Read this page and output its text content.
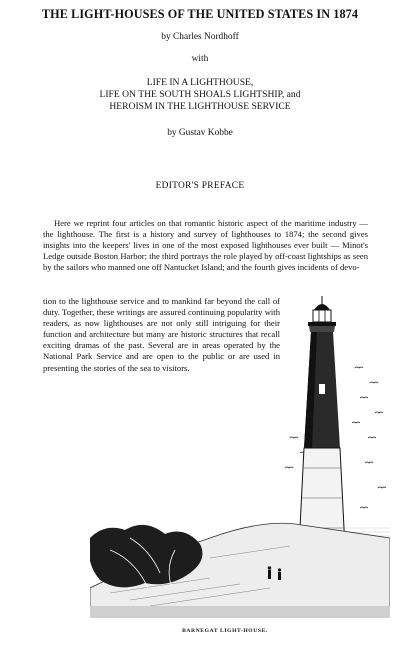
THE LIGHT-HOUSES OF THE UNITED STATES IN 1874
by Charles Nordhoff
with
LIFE IN A LIGHTHOUSE,
LIFE ON THE SOUTH SHOALS LIGHTSHIP, and
HEROISM IN THE LIGHTHOUSE SERVICE
by Gustav Kobbe
EDITOR'S PREFACE

Here we reprint four articles on that romantic historic aspect of the maritime industry — the lighthouse. The first is a history and survey of lighthouses to 1874; the second gives insights into the keepers' lives in one of the most exposed lighthouses ever built — Minot's Ledge outside Boston Harbor; the third portrays the role played by off-coast lightships as seen by the sailors who manned one off Nantucket Island; and the fourth gives incidents of devo-

tion to the lighthouse service and to mankind far beyond the call of duty. Together, these writings are assured continuing popularity with readers, as now lighthouses are not only still intriguing for their function and architecture but many are historic structures that recall exciting dramas of the past. Several are in areas operated by the National Park Service and are open to the public or are used in presenting the stories of the sea to visitors.

BARNEGAT LIGHT-HOUSE.
